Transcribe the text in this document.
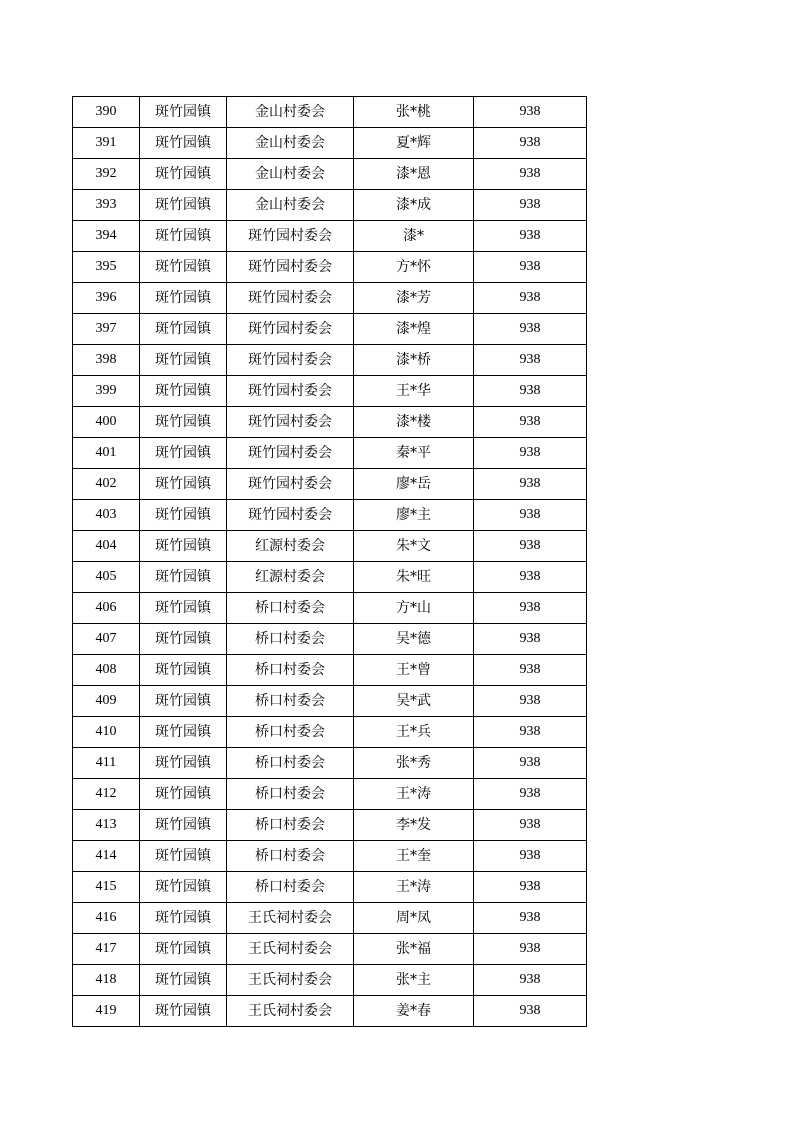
390	斑竹园镇	金山村委会	张*桃	938
391	斑竹园镇	金山村委会	夏*辉	938
392	斑竹园镇	金山村委会	漆*恩	938
393	斑竹园镇	金山村委会	漆*成	938
394	斑竹园镇	斑竹园村委会	漆*	938
395	斑竹园镇	斑竹园村委会	方*怀	938
396	斑竹园镇	斑竹园村委会	漆*芳	938
397	斑竹园镇	斑竹园村委会	漆*煌	938
398	斑竹园镇	斑竹园村委会	漆*桥	938
399	斑竹园镇	斑竹园村委会	王*华	938
400	斑竹园镇	斑竹园村委会	漆*楼	938
401	斑竹园镇	斑竹园村委会	秦*平	938
402	斑竹园镇	斑竹园村委会	廖*岳	938
403	斑竹园镇	斑竹园村委会	廖*主	938
404	斑竹园镇	红源村委会	朱*文	938
405	斑竹园镇	红源村委会	朱*旺	938
406	斑竹园镇	桥口村委会	方*山	938
407	斑竹园镇	桥口村委会	吴*德	938
408	斑竹园镇	桥口村委会	王*曾	938
409	斑竹园镇	桥口村委会	吴*武	938
410	斑竹园镇	桥口村委会	王*兵	938
411	斑竹园镇	桥口村委会	张*秀	938
412	斑竹园镇	桥口村委会	王*涛	938
413	斑竹园镇	桥口村委会	李*发	938
414	斑竹园镇	桥口村委会	王*奎	938
415	斑竹园镇	桥口村委会	王*涛	938
416	斑竹园镇	王氏祠村委会	周*凤	938
417	斑竹园镇	王氏祠村委会	张*福	938
418	斑竹园镇	王氏祠村委会	张*主	938
419	斑竹园镇	王氏祠村委会	姜*春	938
